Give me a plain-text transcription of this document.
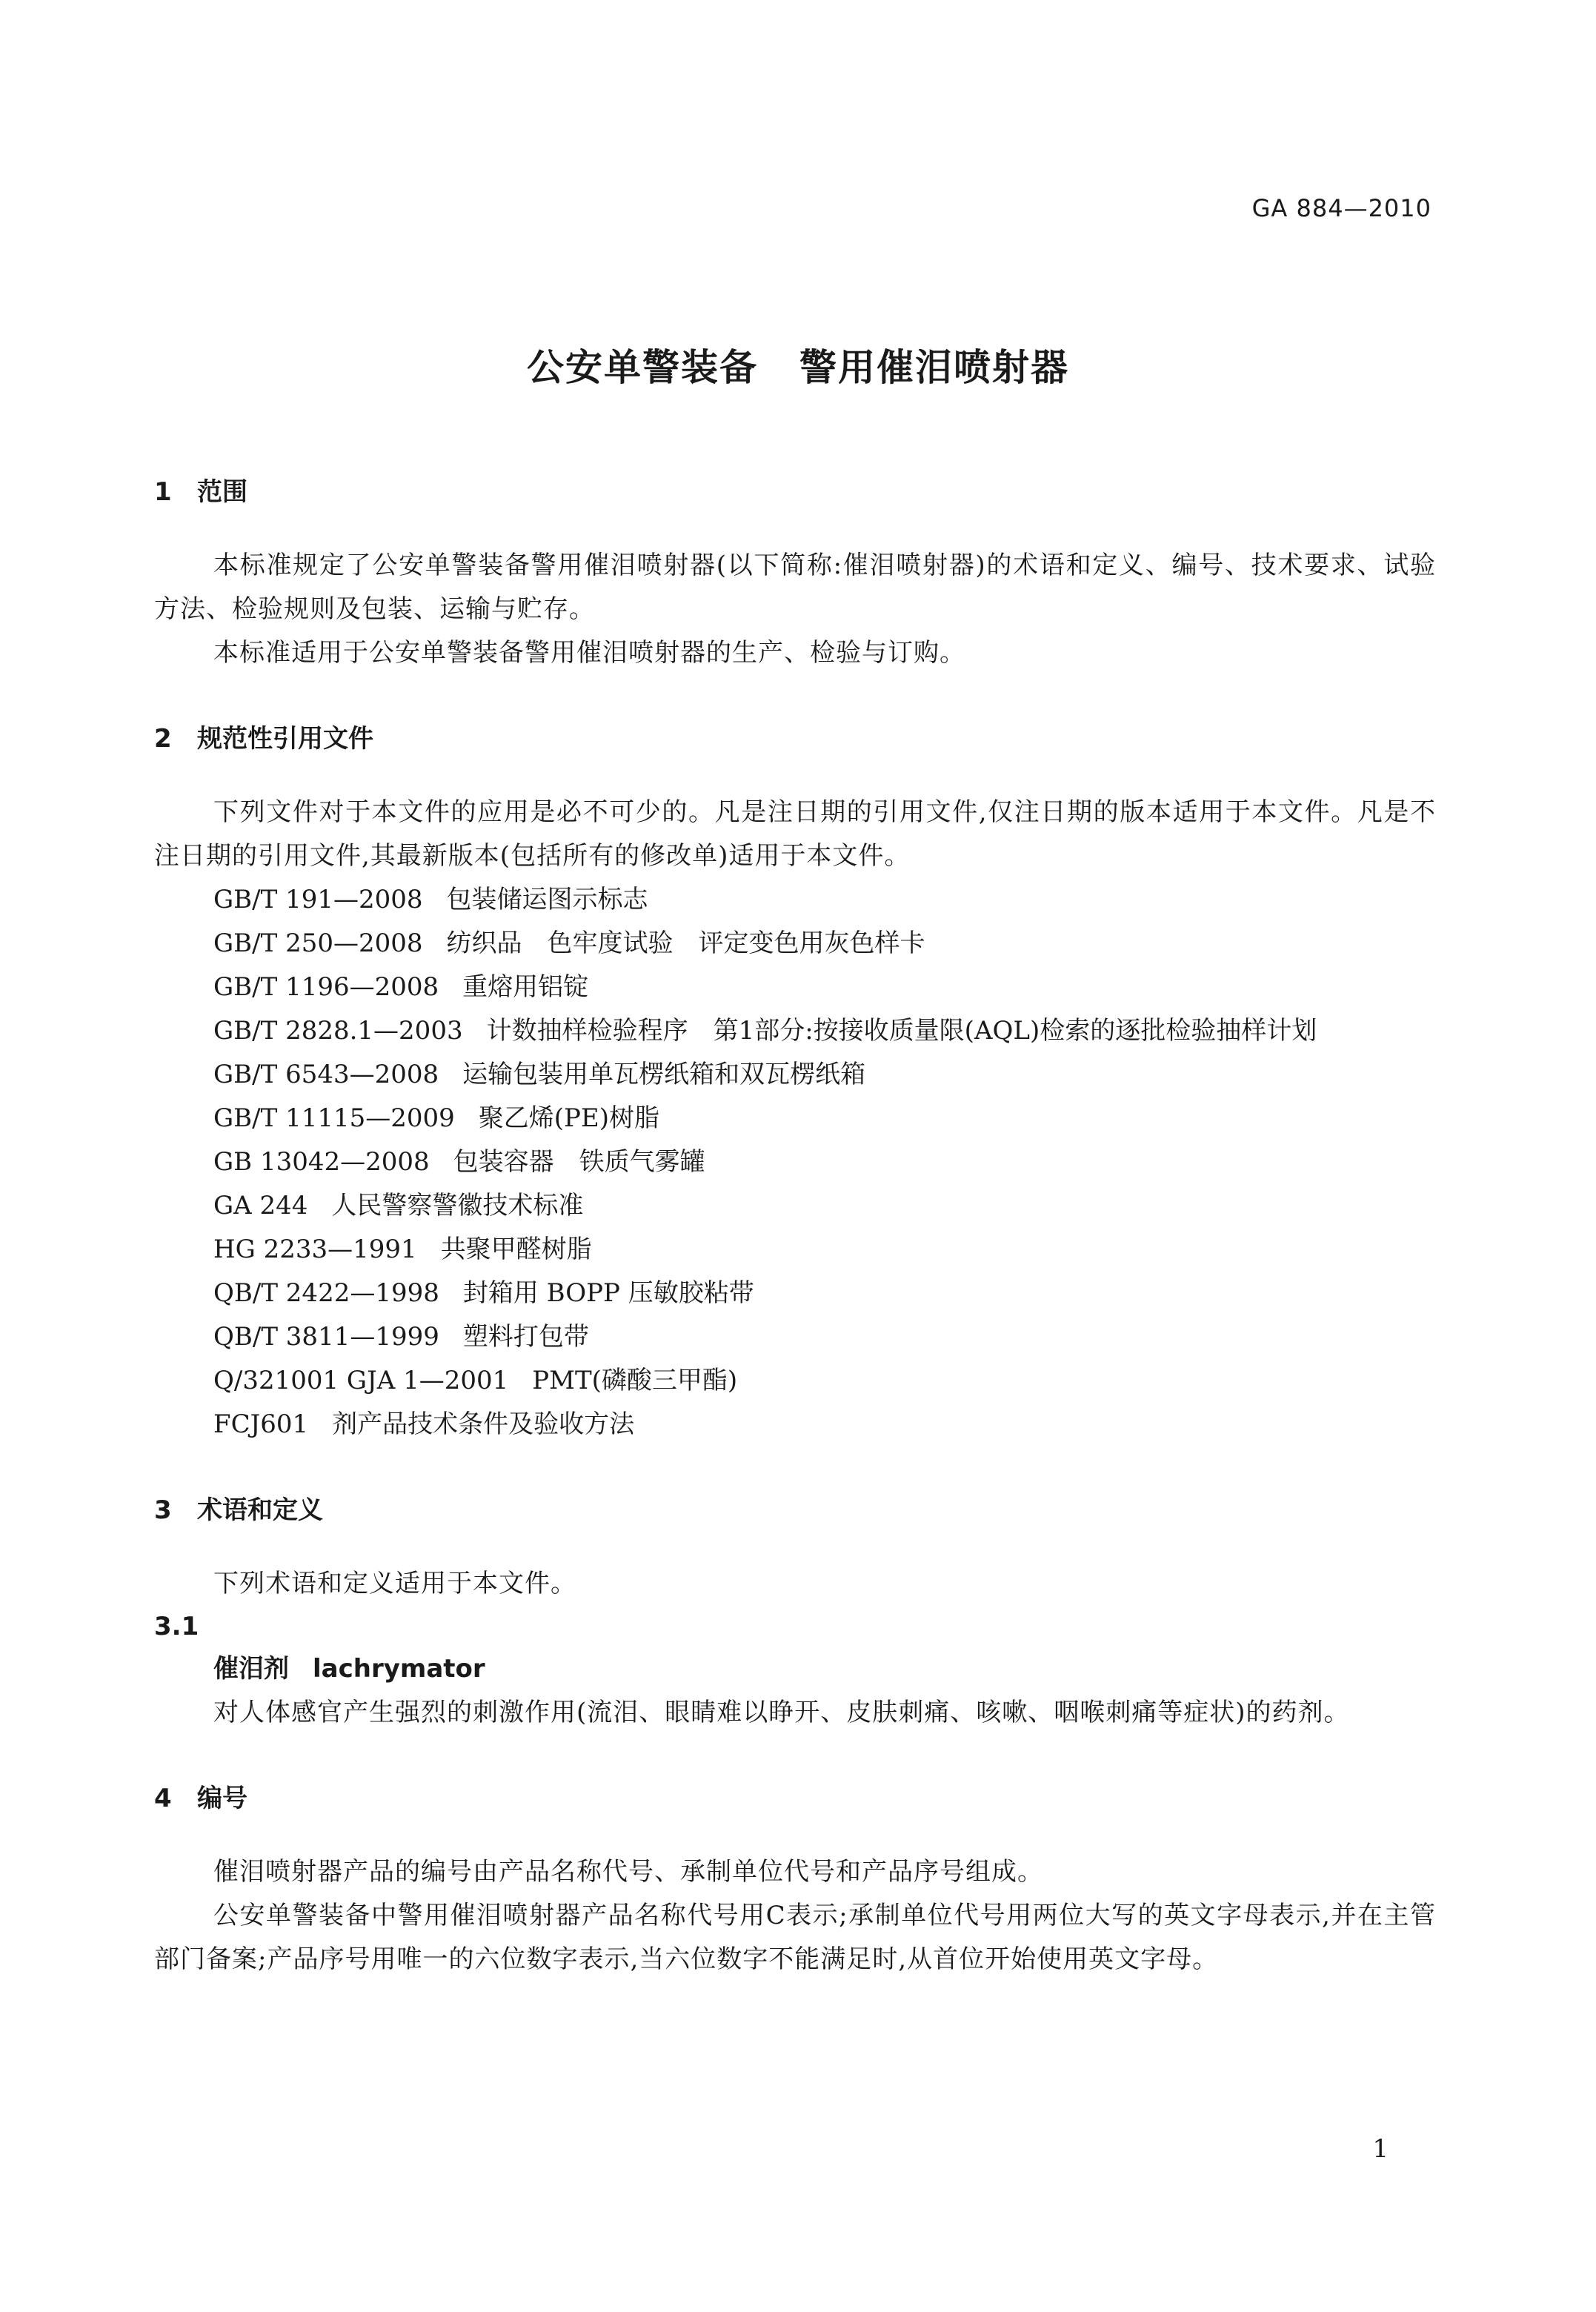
GA 884—2010
公安单警装备 警用催泪喷射器
1 范围
本标准规定了公安单警装备警用催泪喷射器(以下简称:催泪喷射器)的术语和定义、编号、技术要求、试验方法、检验规则及包装、运输与贮存。
本标准适用于公安单警装备警用催泪喷射器的生产、检验与订购。
2 规范性引用文件
下列文件对于本文件的应用是必不可少的。凡是注日期的引用文件,仅注日期的版本适用于本文件。凡是不注日期的引用文件,其最新版本(包括所有的修改单)适用于本文件。
GB/T 191—2008 包装储运图示标志
GB/T 250—2008 纺织品　色牢度试验　评定变色用灰色样卡
GB/T 1196—2008 重熔用铝锭
GB/T 2828.1—2003 计数抽样检验程序　第1部分:按接收质量限(AQL)检索的逐批检验抽样计划
GB/T 6543—2008 运输包装用单瓦楞纸箱和双瓦楞纸箱
GB/T 11115—2009 聚乙烯(PE)树脂
GB 13042—2008 包装容器　铁质气雾罐
GA 244 人民警察警徽技术标准
HG 2233—1991 共聚甲醛树脂
QB/T 2422—1998 封箱用 BOPP 压敏胶粘带
QB/T 3811—1999 塑料打包带
Q/321001 GJA 1—2001 PMT(磷酸三甲酯)
FCJ601 剂产品技术条件及验收方法
3 术语和定义
下列术语和定义适用于本文件。
3.1
催泪剂 lachrymator
对人体感官产生强烈的刺激作用(流泪、眼睛难以睁开、皮肤刺痛、咳嗽、咽喉刺痛等症状)的药剂。
4 编号
催泪喷射器产品的编号由产品名称代号、承制单位代号和产品序号组成。
公安单警装备中警用催泪喷射器产品名称代号用C表示;承制单位代号用两位大写的英文字母表示,并在主管部门备案;产品序号用唯一的六位数字表示,当六位数字不能满足时,从首位开始使用英文字母。
1
